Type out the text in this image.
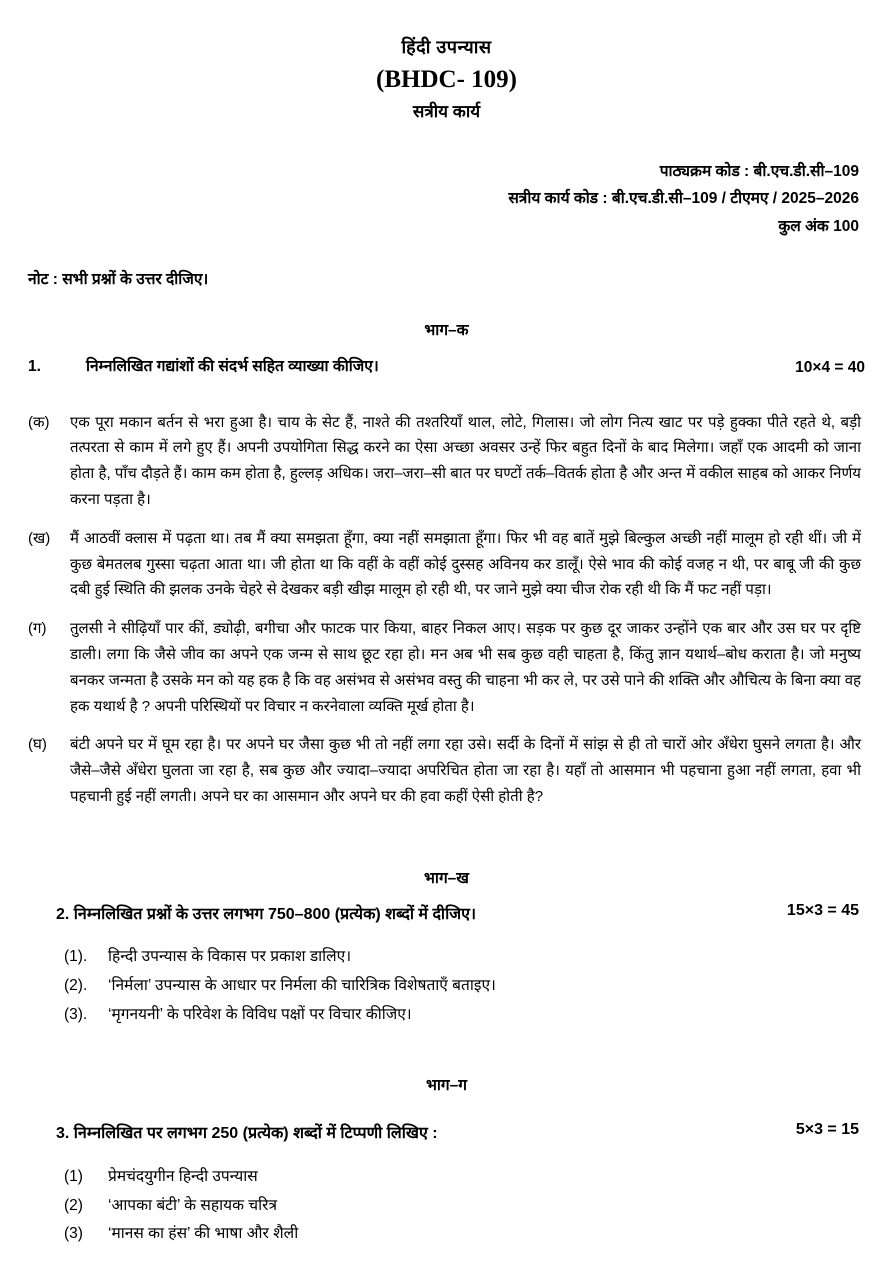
हिंदी उपन्यास
(BHDC- 109)
सत्रीय कार्य
पाठ्यक्रम कोड : बी.एच.डी.सी–109
सत्रीय कार्य कोड : बी.एच.डी.सी–109 / टीएमए / 2025–2026
कुल अंक 100
नोट : सभी प्रश्नों के उत्तर दीजिए।
भाग–क
1.	निम्नलिखित गद्यांशों की संदर्भ सहित व्याख्या कीजिए।	10×4 = 40
(क)	एक पूरा मकान बर्तन से भरा हुआ है। चाय के सेट हैं, नाश्ते की तश्तरियाँ थाल, लोटे, गिलास। जो लोग नित्य खाट पर पड़े हुक्का पीते रहते थे, बड़ी तत्परता से काम में लगे हुए हैं। अपनी उपयोगिता सिद्ध करने का ऐसा अच्छा अवसर उन्हें फिर बहुत दिनों के बाद मिलेगा। जहाँ एक आदमी को जाना होता है, पाँच दौड़ते हैं। काम कम होता है, हुल्लड़ अधिक। जरा–जरा–सी बात पर घण्टों तर्क–वितर्क होता है और अन्त में वकील साहब को आकर निर्णय करना पड़ता है।
(ख)	मैं आठवीं क्लास में पढ़ता था। तब मैं क्या समझता हूँगा, क्या नहीं समझाता हूँगा। फिर भी वह बातें मुझे बिल्कुल अच्छी नहीं मालूम हो रही थीं। जी में कुछ बेमतलब गुस्सा चढ़ता आता था। जी होता था कि वहीं के वहीं कोई दुस्सह अविनय कर डालूँ। ऐसे भाव की कोई वजह न थी, पर बाबू जी की कुछ दबी हुई स्थिति की झलक उनके चेहरे से देखकर बड़ी खीझ मालूम हो रही थी, पर जाने मुझे क्या चीज रोक रही थी कि मैं फट नहीं पड़ा।
(ग)	तुलसी ने सीढ़ियाँ पार कीं, ड्योढ़ी, बगीचा और फाटक पार किया, बाहर निकल आए। सड़क पर कुछ दूर जाकर उन्होंने एक बार और उस घर पर दृष्टि डाली। लगा कि जैसे जीव का अपने एक जन्म से साथ छूट रहा हो। मन अब भी सब कुछ वही चाहता है, किंतु ज्ञान यथार्थ–बोध कराता है। जो मनुष्य बनकर जन्मता है उसके मन को यह हक है कि वह असंभव से असंभव वस्तु की चाहना भी कर ले, पर उसे पाने की शक्ति और औचित्य के बिना क्या वह हक यथार्थ है ? अपनी परिस्थियों पर विचार न करनेवाला व्यक्ति मूर्ख होता है।
(घ)	बंटी अपने घर में घूम रहा है। पर अपने घर जैसा कुछ भी तो नहीं लगा रहा उसे। सर्दी के दिनों में सांझ से ही तो चारों ओर अँधेरा घुसने लगता है। और जैसे–जैसे अँधेरा घुलता जा रहा है, सब कुछ और ज्यादा–ज्यादा अपरिचित होता जा रहा है। यहाँ तो आसमान भी पहचाना हुआ नहीं लगता, हवा भी पहचानी हुई नहीं लगती। अपने घर का आसमान और अपने घर की हवा कहीं ऐसी होती है?
भाग–ख
2. निम्नलिखित प्रश्नों के उत्तर लगभग 750–800 (प्रत्येक) शब्दों में दीजिए।	15×3 = 45
(1).	हिन्दी उपन्यास के विकास पर प्रकाश डालिए।
(2).	‘निर्मला’ उपन्यास के आधार पर निर्मला की चारित्रिक विशेषताएँ बताइए।
(3).	‘मृगनयनी’ के परिवेश के विविध पक्षों पर विचार कीजिए।
भाग–ग
3. निम्नलिखित पर लगभग 250 (प्रत्येक) शब्दों में टिप्पणी लिखिए :	5×3 = 15
(1)	प्रेमचंदयुगीन हिन्दी उपन्यास
(2)	‘आपका बंटी’ के सहायक चरित्र
(3)	‘मानस का हंस’ की भाषा और शैली
